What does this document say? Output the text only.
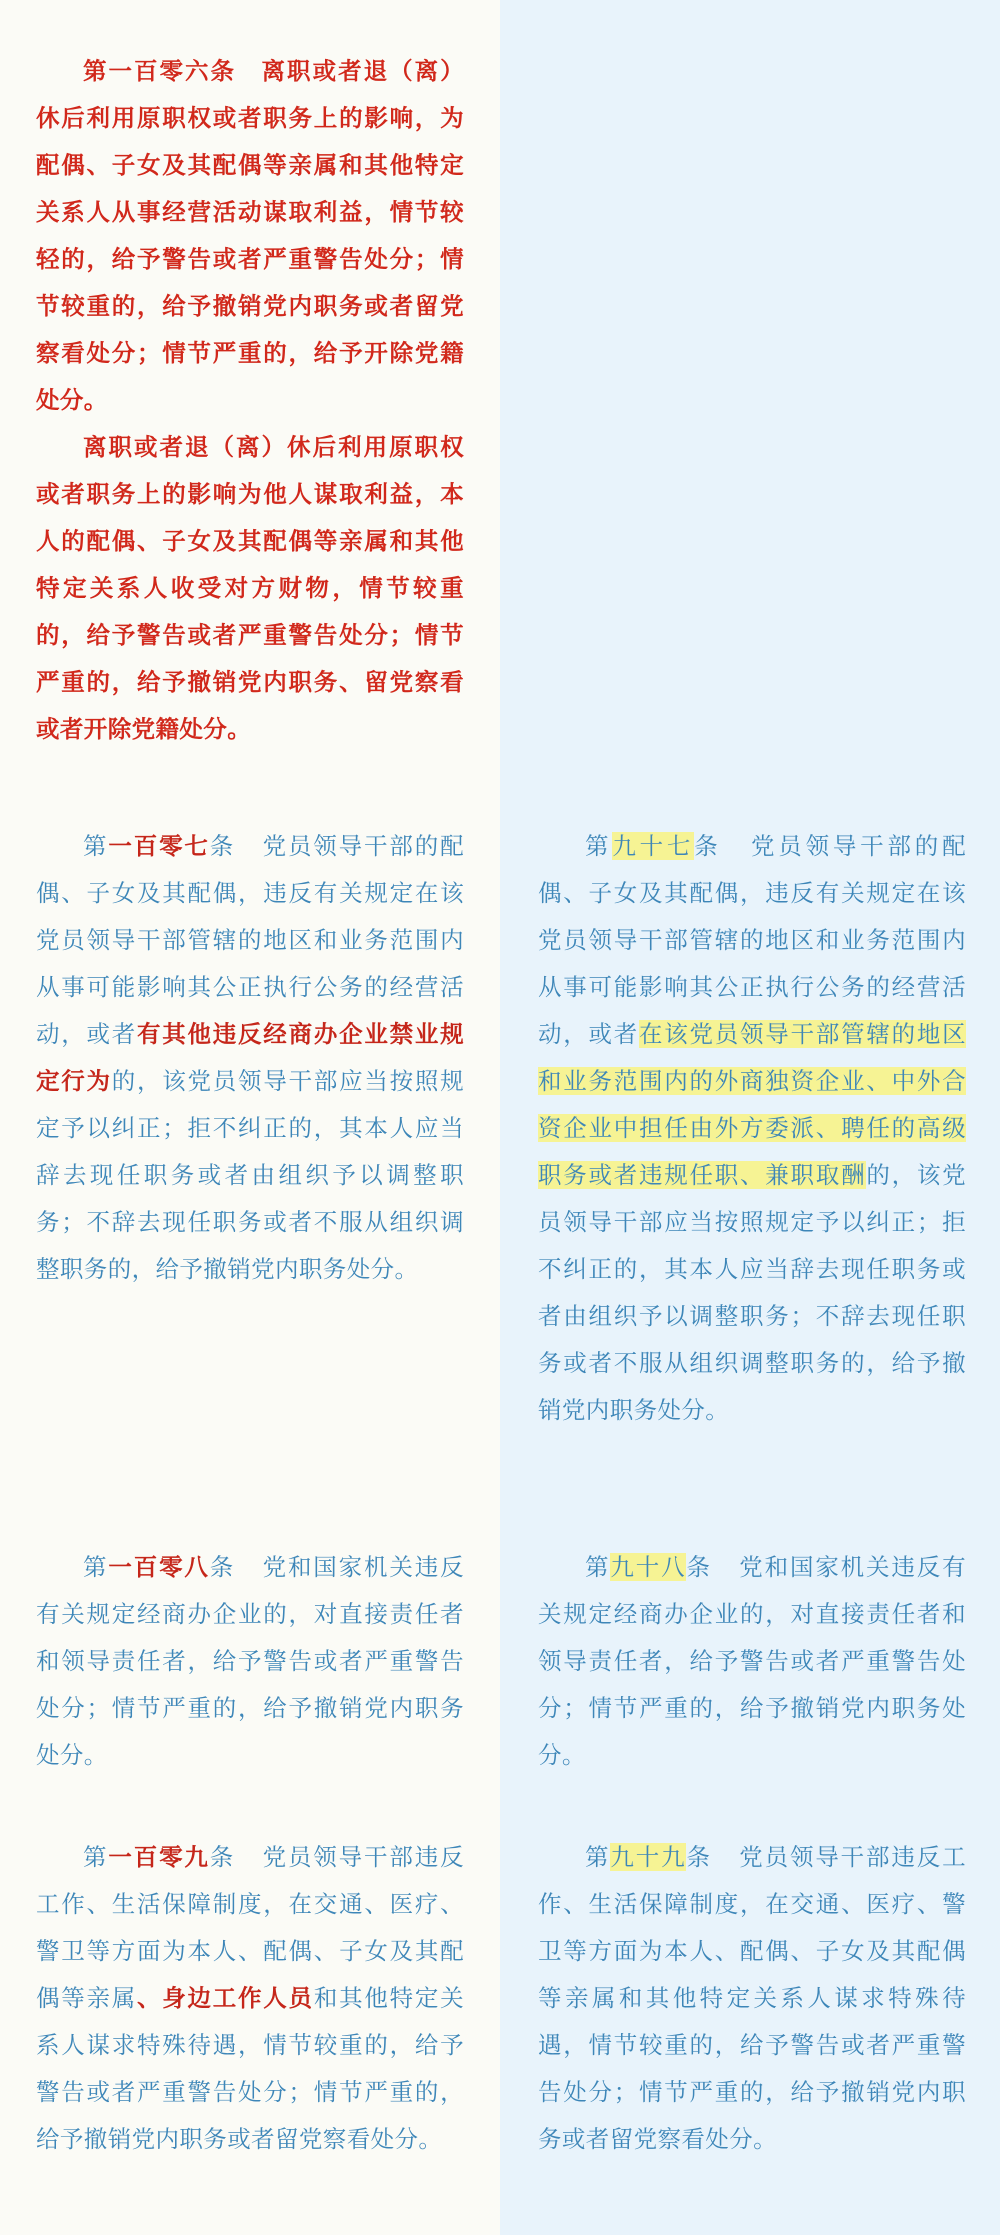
第一百零六条　离职或者退（离）休后利用原职权或者职务上的影响，为配偶、子女及其配偶等亲属和其他特定关系人从事经营活动谋取利益，情节较轻的，给予警告或者严重警告处分；情节较重的，给予撤销党内职务或者留党察看处分；情节严重的，给予开除党籍处分。

离职或者退（离）休后利用原职权或者职务上的影响为他人谋取利益，本人的配偶、子女及其配偶等亲属和其他特定关系人收受对方财物，情节较重的，给予警告或者严重警告处分；情节严重的，给予撤销党内职务、留党察看或者开除党籍处分。

第一百零七条 党员领导干部的配偶、子女及其配偶，违反有关规定在该党员领导干部管辖的地区和业务范围内从事可能影响其公正执行公务的经营活动，或者有其他违反经商办企业禁业规定行为的，该党员领导干部应当按照规定予以纠正；拒不纠正的，其本人应当辞去现任职务或者由组织予以调整职务；不辞去现任职务或者不服从组织调整职务的，给予撤销党内职务处分。

第一百零八条 党和国家机关违反有关规定经商办企业的，对直接责任者和领导责任者，给予警告或者严重警告处分；情节严重的，给予撤销党内职务处分。

第一百零九条 党员领导干部违反工作、生活保障制度，在交通、医疗、警卫等方面为本人、配偶、子女及其配偶等亲属、身边工作人员和其他特定关系人谋求特殊待遇，情节较重的，给予警告或者严重警告处分；情节严重的，给予撤销党内职务或者留党察看处分。

第九十七条 党员领导干部的配偶、子女及其配偶，违反有关规定在该党员领导干部管辖的地区和业务范围内从事可能影响其公正执行公务的经营活动，或者在该党员领导干部管辖的地区和业务范围内的外商独资企业、中外合资企业中担任由外方委派、聘任的高级职务或者违规任职、兼职取酬的，该党员领导干部应当按照规定予以纠正；拒不纠正的，其本人应当辞去现任职务或者由组织予以调整职务；不辞去现任职务或者不服从组织调整职务的，给予撤销党内职务处分。

第九十八条 党和国家机关违反有关规定经商办企业的，对直接责任者和领导责任者，给予警告或者严重警告处分；情节严重的，给予撤销党内职务处分。

第九十九条 党员领导干部违反工作、生活保障制度，在交通、医疗、警卫等方面为本人、配偶、子女及其配偶等亲属和其他特定关系人谋求特殊待遇，情节较重的，给予警告或者严重警告处分；情节严重的，给予撤销党内职务或者留党察看处分。
